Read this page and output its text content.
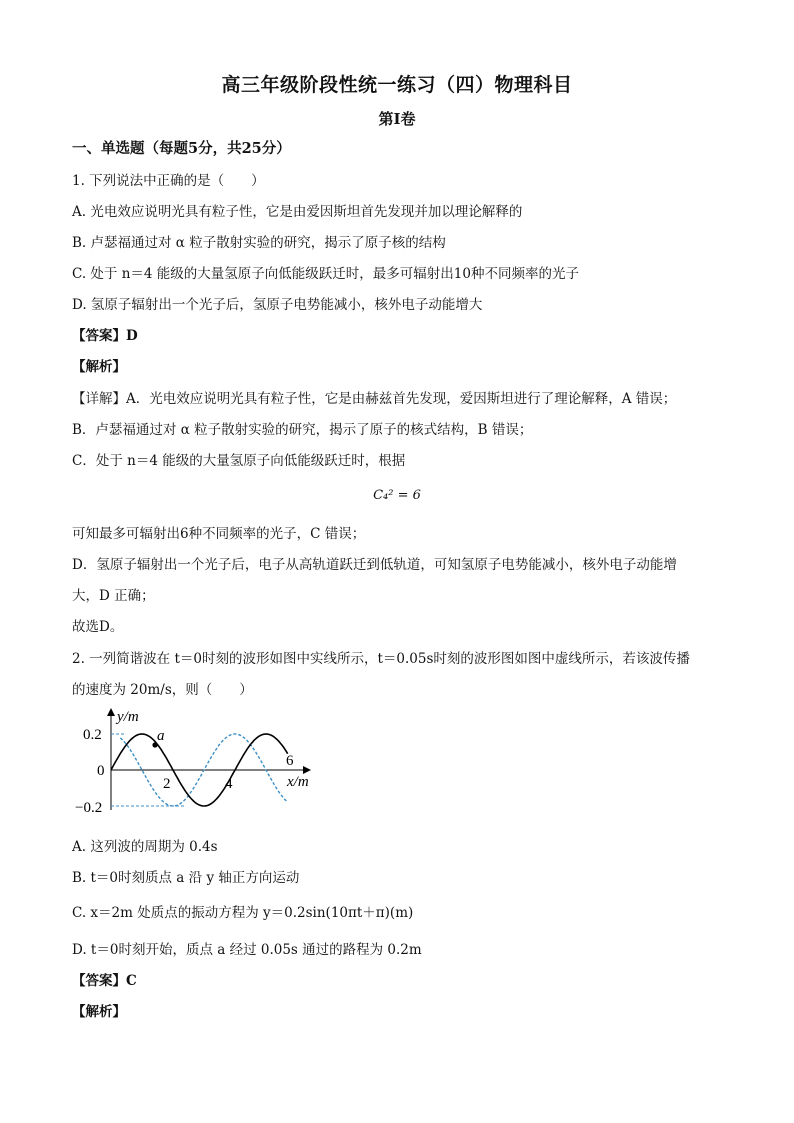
高三年级阶段性统一练习（四）物理科目
第I卷
一、单选题（每题5分，共25分）
1. 下列说法中正确的是（　　）
A. 光电效应说明光具有粒子性，它是由爱因斯坦首先发现并加以理论解释的
B. 卢瑟福通过对 α 粒子散射实验的研究，揭示了原子核的结构
C. 处于 n＝4 能级的大量氢原子向低能级跃迁时，最多可辐射出10种不同频率的光子
D. 氢原子辐射出一个光子后，氢原子电势能减小，核外电子动能增大
【答案】D
【解析】
【详解】A．光电效应说明光具有粒子性，它是由赫兹首先发现，爱因斯坦进行了理论解释，A 错误；
B．卢瑟福通过对 α 粒子散射实验的研究，揭示了原子的核式结构，B 错误；
C．处于 n＝4 能级的大量氢原子向低能级跃迁时，根据
C₄² = 6
可知最多可辐射出6种不同频率的光子，C 错误；
D．氢原子辐射出一个光子后，电子从高轨道跃迁到低轨道，可知氢原子电势能减小，核外电子动能增
大，D 正确；
故选D。
2. 一列简谐波在 t＝0时刻的波形如图中实线所示，t＝0.05s时刻的波形图如图中虚线所示，若该波传播
的速度为 20m/s，则（　　）
a
y/m
x/m
0.2
0
−0.2
2	4
6
A. 这列波的周期为 0.4s
B. t＝0时刻质点 a 沿 y 轴正方向运动
C. x＝2m 处质点的振动方程为 y＝0.2sin(10πt＋π)(m)
D. t＝0时刻开始，质点 a 经过 0.05s 通过的路程为 0.2m
【答案】C
【解析】
